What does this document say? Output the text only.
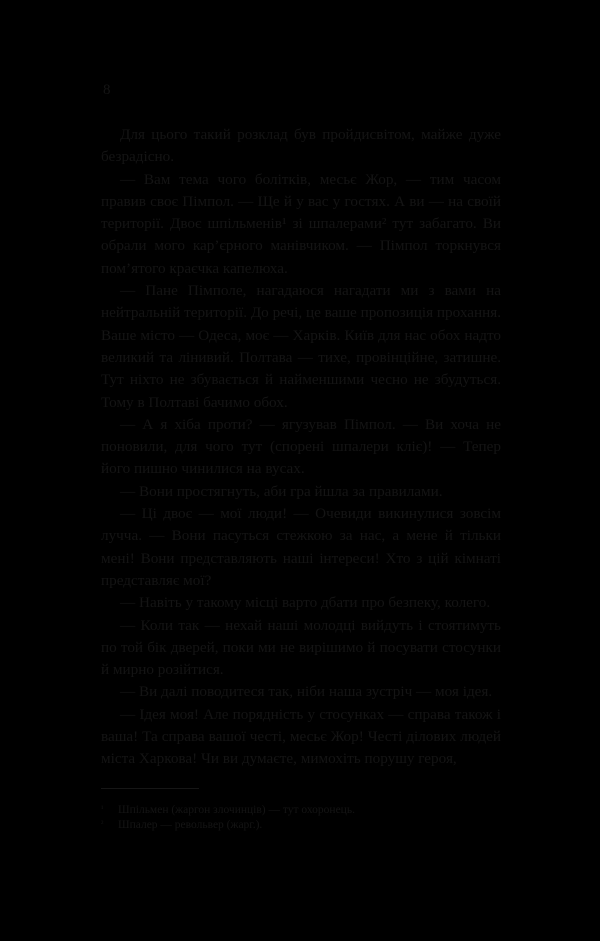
8

Для цього такий розклад був пройдисвітом, майже дуже безрадісно.

— Вам тема чого болітків, месьє Жор, — тим часом правив своє Пімпол. — Ще й у вас у гостях. А ви — на своїй території. Двоє шпільменів¹ зі шпалерами² тут забагато. Ви обрали мого кар’єрного манівчиком. — Пімпол торкнувся пом’ятого краєчка капелюха.

— Пане Пімполе, нагадаюся нагадати ми з вами на нейтральній території. До речі, це ваше пропозиція прохання. Ваше місто — Одеса, моє — Харків. Київ для нас обох надто великий та лінивий. Полтава — тихе, провінційне, затишне. Тут ніхто не збувається й найменшими чесно не збудуться. Тому в Полтаві бачимо обох.

— А я хіба проти? — ягузував Пімпол. — Ви хоча не поновили, для чого тут (спорені шпалери кліє)! — Тепер його пишно чинилися на вусах.

— Вони простягнуть, аби гра йшла за правилами.

— Ці двоє — мої люди! — Очевиди викинулися зовсім лучча. — Вони пасуться стежкою за нас, а мене й тільки мені! Вони представляють наші інтереси! Хто з цій кімнаті представляє мої?

— Навіть у такому місці варто дбати про безпеку, колего.

— Коли так — нехай наші молодці вийдуть і стоятимуть по той бік дверей, поки ми не вирішимо й посувати стосунки й мирно розійтися.

— Ви далі поводитеся так, ніби наша зустріч — моя ідея.

— Ідея моя! Але порядність у стосунках — справа також і ваша! Та справа вашої честі, месьє Жор! Честі ділових людей міста Харкова! Чи ви думаєте, мимохіть порушу героя,

¹	Шпільмен (жаргон злочинців) — тут охоронець.
²	Шпалер — револьвер (жарг.).
